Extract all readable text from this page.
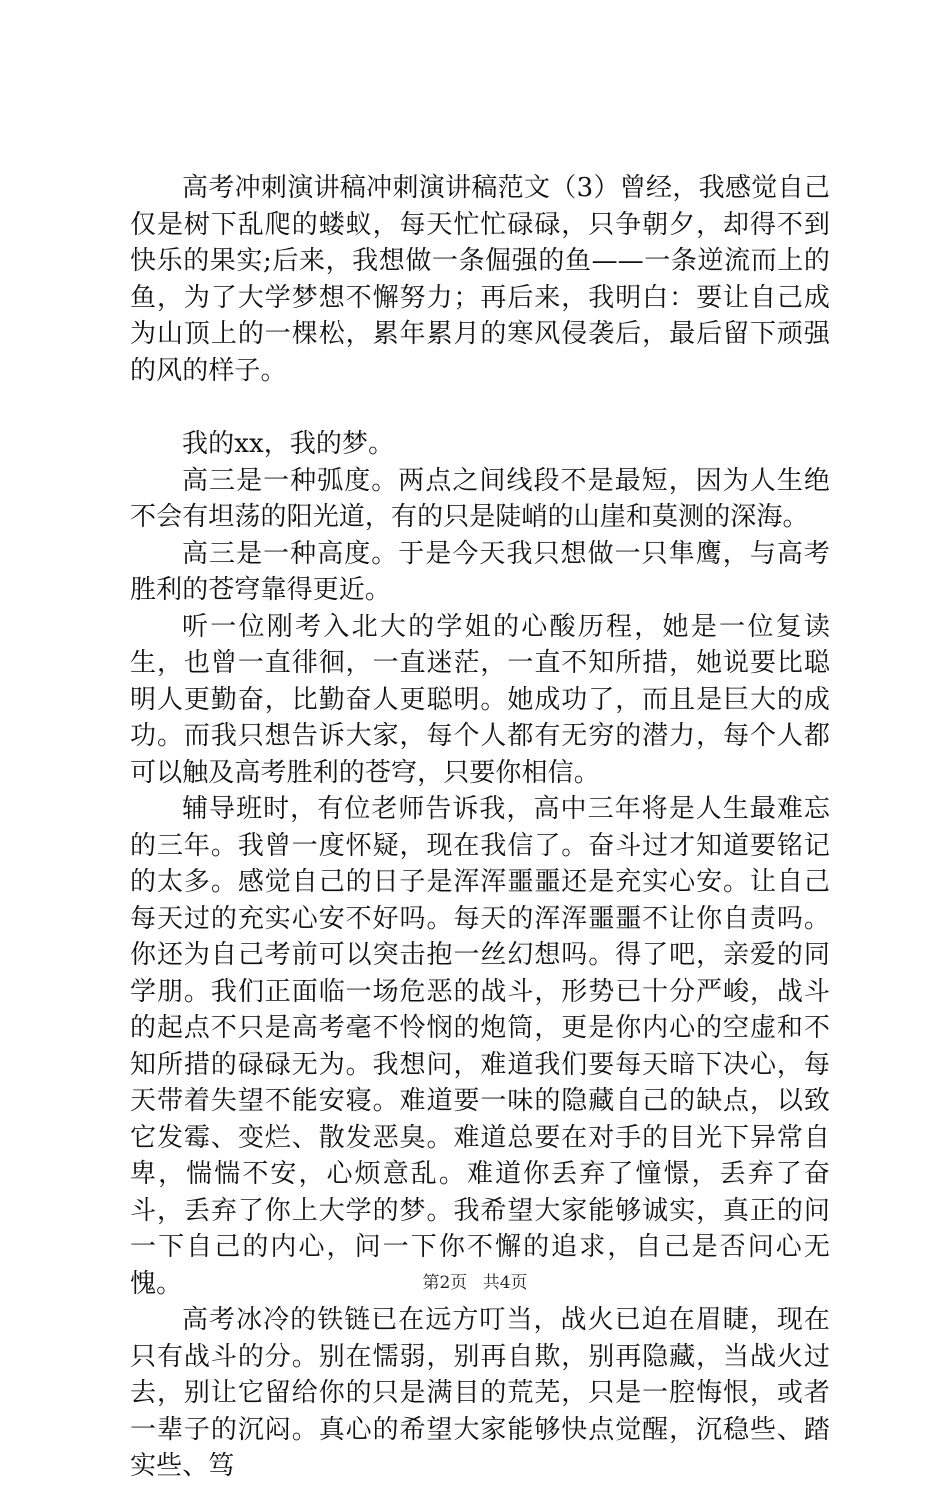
高考冲刺演讲稿冲刺演讲稿范文（3）曾经，我感觉自己仅是树下乱爬的蝼蚁，每天忙忙碌碌，只争朝夕，却得不到快乐的果实;后来，我想做一条倔强的鱼——一条逆流而上的鱼，为了大学梦想不懈努力；再后来，我明白：要让自己成为山顶上的一棵松，累年累月的寒风侵袭后，最后留下顽强的风的样子。

我的xx，我的梦。

高三是一种弧度。两点之间线段不是最短，因为人生绝不会有坦荡的阳光道，有的只是陡峭的山崖和莫测的深海。

高三是一种高度。于是今天我只想做一只隼鹰，与高考胜利的苍穹靠得更近。

听一位刚考入北大的学姐的心酸历程，她是一位复读生，也曾一直徘徊，一直迷茫，一直不知所措，她说要比聪明人更勤奋，比勤奋人更聪明。她成功了，而且是巨大的成功。而我只想告诉大家，每个人都有无穷的潜力，每个人都可以触及高考胜利的苍穹，只要你相信。

辅导班时，有位老师告诉我，高中三年将是人生最难忘的三年。我曾一度怀疑，现在我信了。奋斗过才知道要铭记的太多。感觉自己的日子是浑浑噩噩还是充实心安。让自己每天过的充实心安不好吗。每天的浑浑噩噩不让你自责吗。你还为自己考前可以突击抱一丝幻想吗。得了吧，亲爱的同学朋。我们正面临一场危恶的战斗，形势已十分严峻，战斗的起点不只是高考毫不怜悯的炮筒，更是你内心的空虚和不知所措的碌碌无为。我想问，难道我们要每天暗下决心，每天带着失望不能安寝。难道要一味的隐藏自己的缺点，以致它发霉、变烂、散发恶臭。难道总要在对手的目光下异常自卑，惴惴不安，心烦意乱。难道你丢弃了憧憬，丢弃了奋斗，丢弃了你上大学的梦。我希望大家能够诚实，真正的问一下自己的内心，问一下你不懈的追求，自己是否问心无愧。

高考冰冷的铁链已在远方叮当，战火已迫在眉睫，现在只有战斗的分。别在懦弱，别再自欺，别再隐藏，当战火过去，别让它留给你的只是满目的荒芜，只是一腔悔恨，或者一辈子的沉闷。真心的希望大家能够快点觉醒，沉稳些、踏实些、笃

第2页 共4页
